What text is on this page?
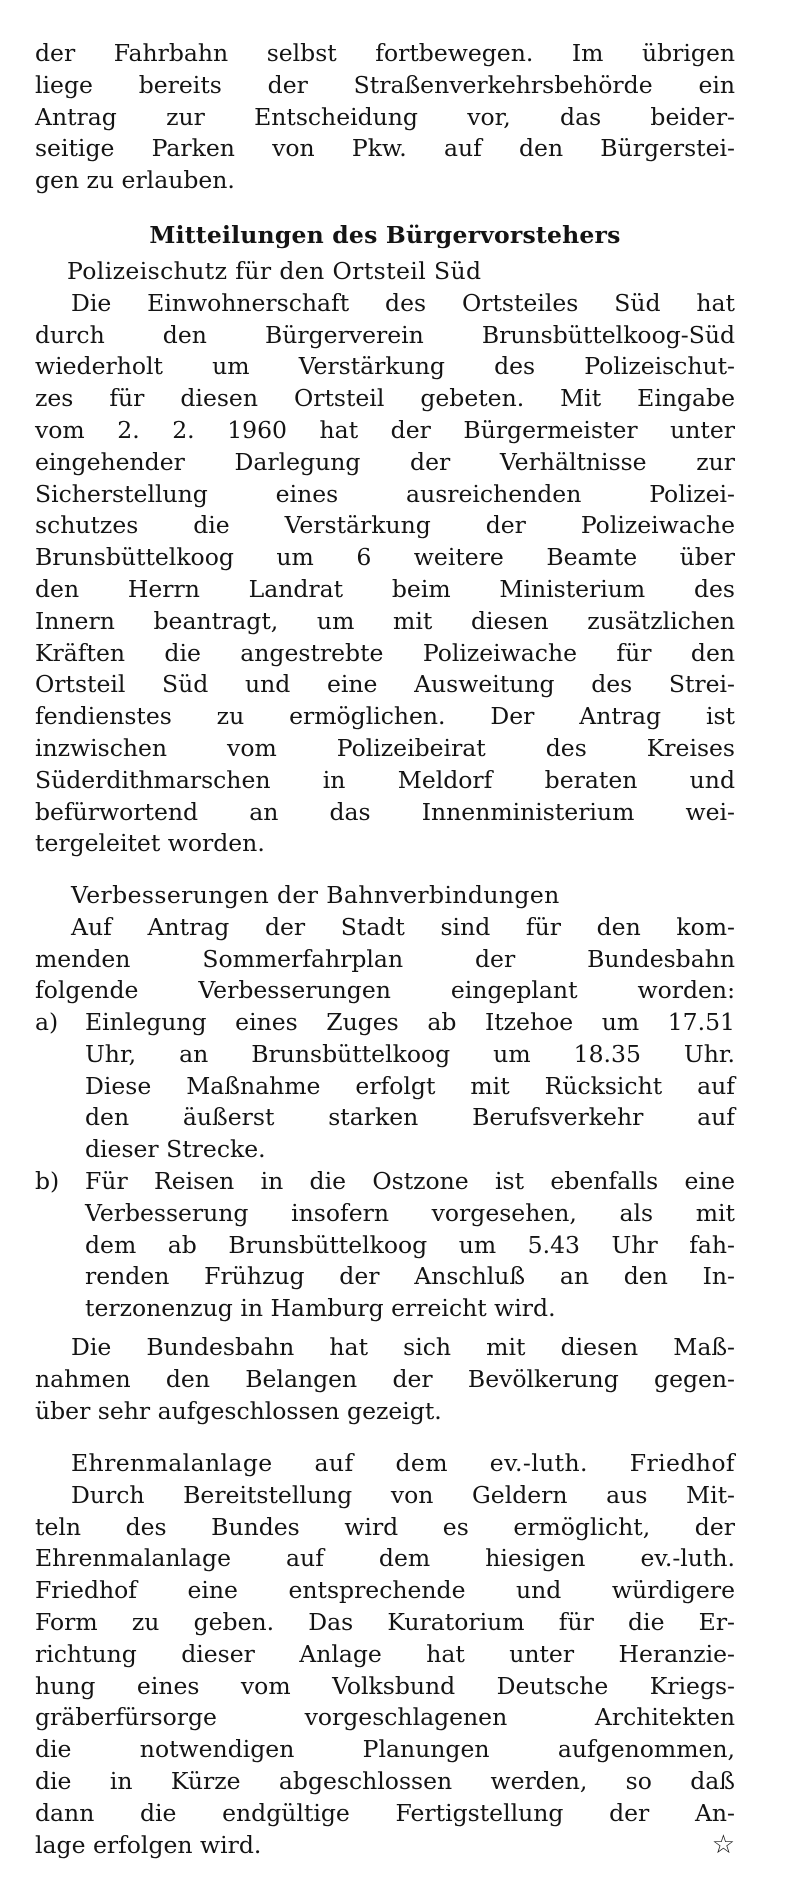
der Fahrbahn selbst fortbewegen. Im übrigen
liege bereits der Straßenverkehrsbehörde ein
Antrag zur Entscheidung vor, das beider-
seitige Parken von Pkw. auf den Bürgerstei-
gen zu erlauben.
Mitteilungen des Bürgervorstehers
Polizeischutz für den Ortsteil Süd
Die Einwohnerschaft des Ortsteiles Süd hat
durch den Bürgerverein Brunsbüttelkoog-Süd
wiederholt um Verstärkung des Polizeischut-
zes für diesen Ortsteil gebeten. Mit Eingabe
vom 2. 2. 1960 hat der Bürgermeister unter
eingehender Darlegung der Verhältnisse zur
Sicherstellung eines ausreichenden Polizei-
schutzes die Verstärkung der Polizeiwache
Brunsbüttelkoog um 6 weitere Beamte über
den Herrn Landrat beim Ministerium des
Innern beantragt, um mit diesen zusätzlichen
Kräften die angestrebte Polizeiwache für den
Ortsteil Süd und eine Ausweitung des Strei-
fendienstes zu ermöglichen. Der Antrag ist
inzwischen vom Polizeibeirat des Kreises
Süderdithmarschen in Meldorf beraten und
befürwortend an das Innenministerium wei-
tergeleitet worden.
Verbesserungen der Bahnverbindungen
Auf Antrag der Stadt sind für den kom-
menden Sommerfahrplan der Bundesbahn
folgende Verbesserungen eingeplant worden:
a)	Einlegung eines Zuges ab Itzehoe um 17.51
Uhr, an Brunsbüttelkoog um 18.35 Uhr.
Diese Maßnahme erfolgt mit Rücksicht auf
den äußerst starken Berufsverkehr auf
dieser Strecke.
b)	Für Reisen in die Ostzone ist ebenfalls eine
Verbesserung insofern vorgesehen, als mit
dem ab Brunsbüttelkoog um 5.43 Uhr fah-
renden Frühzug der Anschluß an den In-
terzonenzug in Hamburg erreicht wird.
Die Bundesbahn hat sich mit diesen Maß-
nahmen den Belangen der Bevölkerung gegen-
über sehr aufgeschlossen gezeigt.
Ehrenmalanlage auf dem ev.-luth. Friedhof
Durch Bereitstellung von Geldern aus Mit-
teln des Bundes wird es ermöglicht, der
Ehrenmalanlage auf dem hiesigen ev.-luth.
Friedhof eine entsprechende und würdigere
Form zu geben. Das Kuratorium für die Er-
richtung dieser Anlage hat unter Heranzie-
hung eines vom Volksbund Deutsche Kriegs-
gräberfürsorge vorgeschlagenen Architekten
die notwendigen Planungen aufgenommen,
die in Kürze abgeschlossen werden, so daß
dann die endgültige Fertigstellung der An-
lage erfolgen wird.	☆
